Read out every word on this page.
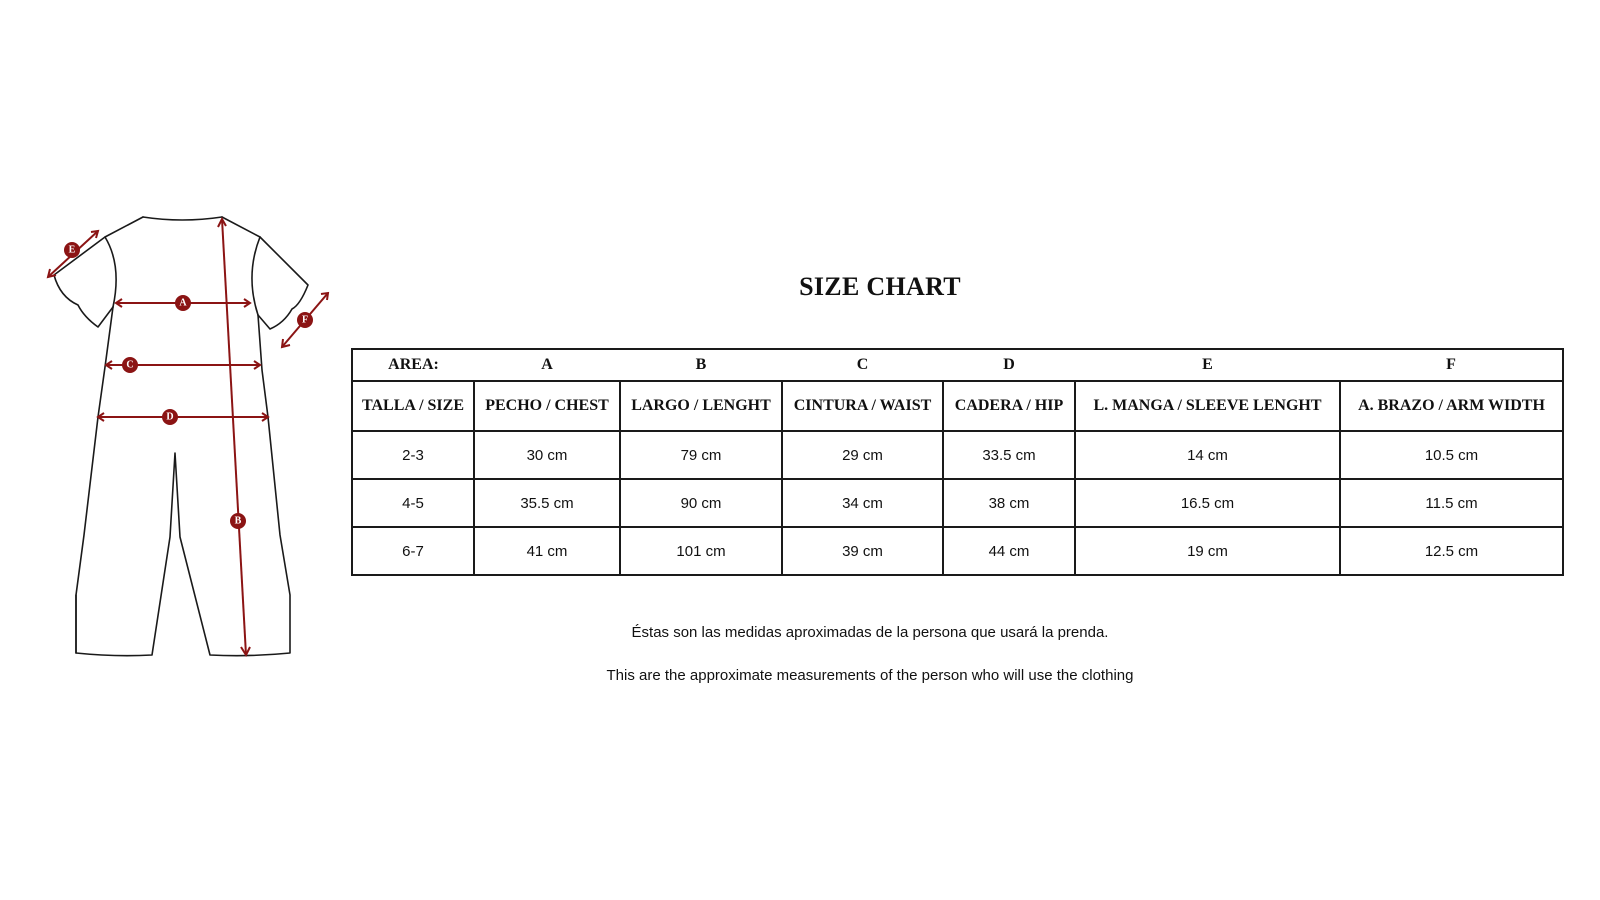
A
B
C
D
E
F
SIZE CHART
AREA:	A	B	C	D	E	F
TALLA / SIZE	PECHO / CHEST	LARGO / LENGHT	CINTURA / WAIST	CADERA / HIP	L. MANGA / SLEEVE LENGHT	A. BRAZO / ARM WIDTH
2-3	30 cm	79 cm	29 cm	33.5 cm	14 cm	10.5 cm
4-5	35.5 cm	90 cm	34 cm	38 cm	16.5 cm	11.5 cm
6-7	41 cm	101 cm	39 cm	44 cm	19 cm	12.5 cm
Éstas son las medidas aproximadas de la persona que usará la prenda.
This are the approximate measurements of the person who will use the clothing
